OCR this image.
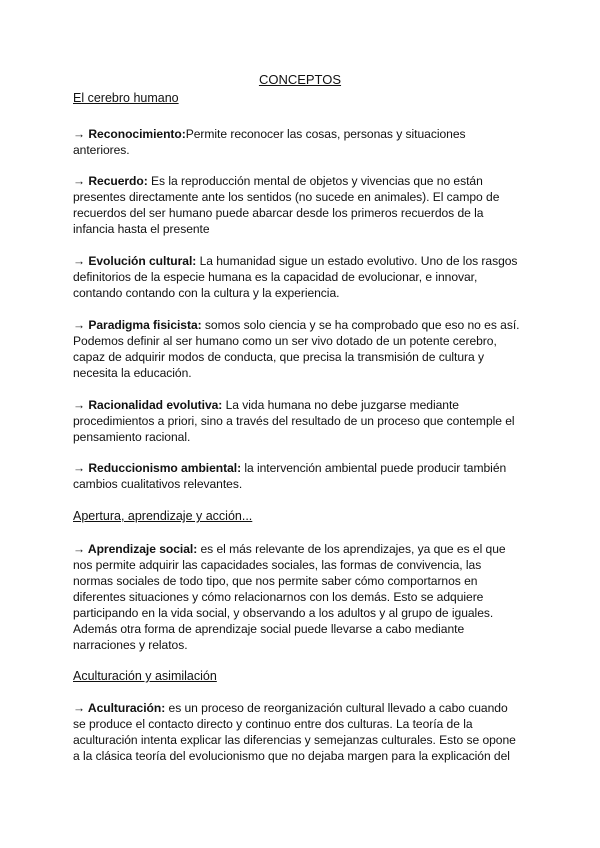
CONCEPTOS
El cerebro humano
→ Reconocimiento:Permite reconocer las cosas, personas y situaciones
anteriores.
→ Recuerdo: Es la reproducción mental de objetos y vivencias que no están
presentes directamente ante los sentidos (no sucede en animales). El campo de
recuerdos del ser humano puede abarcar desde los primeros recuerdos de la
infancia hasta el presente
→ Evolución cultural: La humanidad sigue un estado evolutivo. Uno de los rasgos
definitorios de la especie humana es la capacidad de evolucionar, e innovar,
contando contando con la cultura y la experiencia.
→ Paradigma fisicista: somos solo ciencia y se ha comprobado que eso no es así.
Podemos definir al ser humano como un ser vivo dotado de un potente cerebro,
capaz de adquirir modos de conducta, que precisa la transmisión de cultura y
necesita la educación.
→ Racionalidad evolutiva: La vida humana no debe juzgarse mediante
procedimientos a priori, sino a través del resultado de un proceso que contemple el
pensamiento racional.
→ Reduccionismo ambiental: la intervención ambiental puede producir también
cambios cualitativos relevantes.
Apertura, aprendizaje y acción...
→ Aprendizaje social: es el más relevante de los aprendizajes, ya que es el que
nos permite adquirir las capacidades sociales, las formas de convivencia, las
normas sociales de todo tipo, que nos permite saber cómo comportarnos en
diferentes situaciones y cómo relacionarnos con los demás. Esto se adquiere
participando en la vida social, y observando a los adultos y al grupo de iguales.
Además otra forma de aprendizaje social puede llevarse a cabo mediante
narraciones y relatos.
Aculturación y asimilación
→ Aculturación: es un proceso de reorganización cultural llevado a cabo cuando
se produce el contacto directo y continuo entre dos culturas. La teoría de la
aculturación intenta explicar las diferencias y semejanzas culturales. Esto se opone
a la clásica teoría del evolucionismo que no dejaba margen para la explicación del
